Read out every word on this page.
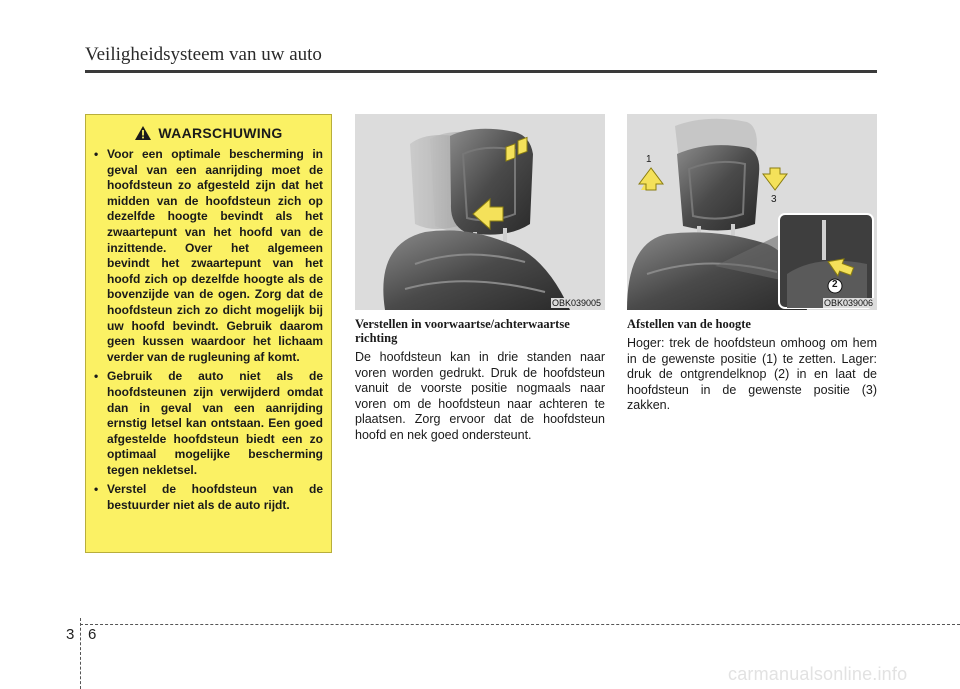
Veiligheidsysteem van uw auto
WAARSCHUWING
• Voor een optimale bescherming in geval van een aanrijding moet de hoofdsteun zo afgesteld zijn dat het midden van de hoofdsteun zich op dezelfde hoogte bevindt als het zwaartepunt van het hoofd van de inzittende. Over het algemeen bevindt het zwaartepunt van het hoofd zich op dezelfde hoogte als de bovenzijde van de ogen. Zorg dat de hoofdsteun zich zo dicht mogelijk bij uw hoofd bevindt. Gebruik daarom geen kussen waardoor het lichaam verder van de rugleuning af komt.
• Gebruik de auto niet als de hoofdsteunen zijn verwijderd omdat dan in geval van een aanrijding ernstig letsel kan ontstaan. Een goed afgestelde hoofdsteun biedt een zo optimaal mogelijke bescherming tegen nekletsel.
• Verstel de hoofdsteun van de bestuurder niet als de auto rijdt.
OBK039005
1
3
2
OBK039006
Verstellen in voorwaartse/achterwaartse richting
De hoofdsteun kan in drie standen naar voren worden gedrukt. Druk de hoofdsteun vanuit de voorste positie nogmaals naar voren om de hoofdsteun naar achteren te plaatsen. Zorg ervoor dat de hoofdsteun hoofd en nek goed ondersteunt.
Afstellen van de hoogte
Hoger: trek de hoofdsteun omhoog om hem in de gewenste positie (1) te zetten. Lager: druk de ontgrendelknop (2) in en laat de hoofdsteun in de gewenste positie (3) zakken.
3 6
carmanualsonline.info
